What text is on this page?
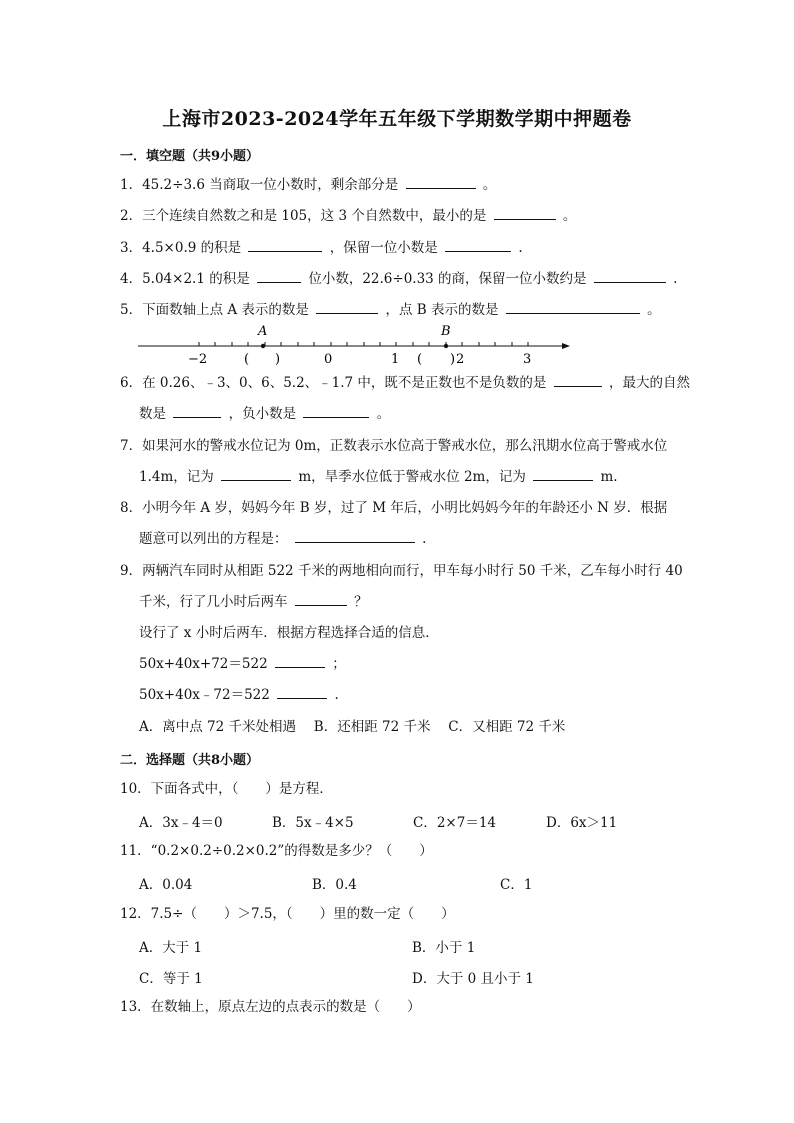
上海市2023-2024学年五年级下学期数学期中押题卷
一．填空题（共9小题）
1．45.2÷3.6 当商取一位小数时，剩余部分是	。
2．三个连续自然数之和是 105，这 3 个自然数中，最小的是	。
3．4.5×0.9 的积是	，保留一位小数是	.
4．5.04×2.1 的积是	位小数，22.6÷0.33 的商，保留一位小数约是	.
5．下面数轴上点 A 表示的数是	，点 B 表示的数是	。
A	B
−2	( )	0	1 ( ) 2	3
6．在 0.26、﹣3、0、6、5.2、﹣1.7 中，既不是正数也不是负数的是	，最大的自然
数是	，负小数是	。
7．如果河水的警戒水位记为 0m，正数表示水位高于警戒水位，那么汛期水位高于警戒水位
1.4m，记为	m，旱季水位低于警戒水位 2m，记为	m.
8．小明今年 A 岁，妈妈今年 B 岁，过了 M 年后，小明比妈妈今年的年龄还小 N 岁．根据
题意可以列出的方程是：	.
9．两辆汽车同时从相距 522 千米的两地相向而行，甲车每小时行 50 千米，乙车每小时行 40
千米，行了几小时后两车	？
设行了 x 小时后两车．根据方程选择合适的信息．
50x+40x+72＝522	；
50x+40x﹣72＝522	.
A．离中点 72 千米处相遇　 B．还相距 72 千米　 C．又相距 72 千米
二．选择题（共8小题）
10．下面各式中，（　　）是方程．
A．3x﹣4＝0	B．5x﹣4×5	C．2×7＝14	D．6x＞11
11．“0.2×0.2÷0.2×0.2”的得数是多少？（　　）
A．0.04	B．0.4	C．1
12．7.5÷（　　）＞7.5，（　　）里的数一定（　　）
A．大于 1	B．小于 1
C．等于 1	D．大于 0 且小于 1
13．在数轴上，原点左边的点表示的数是（　　）
